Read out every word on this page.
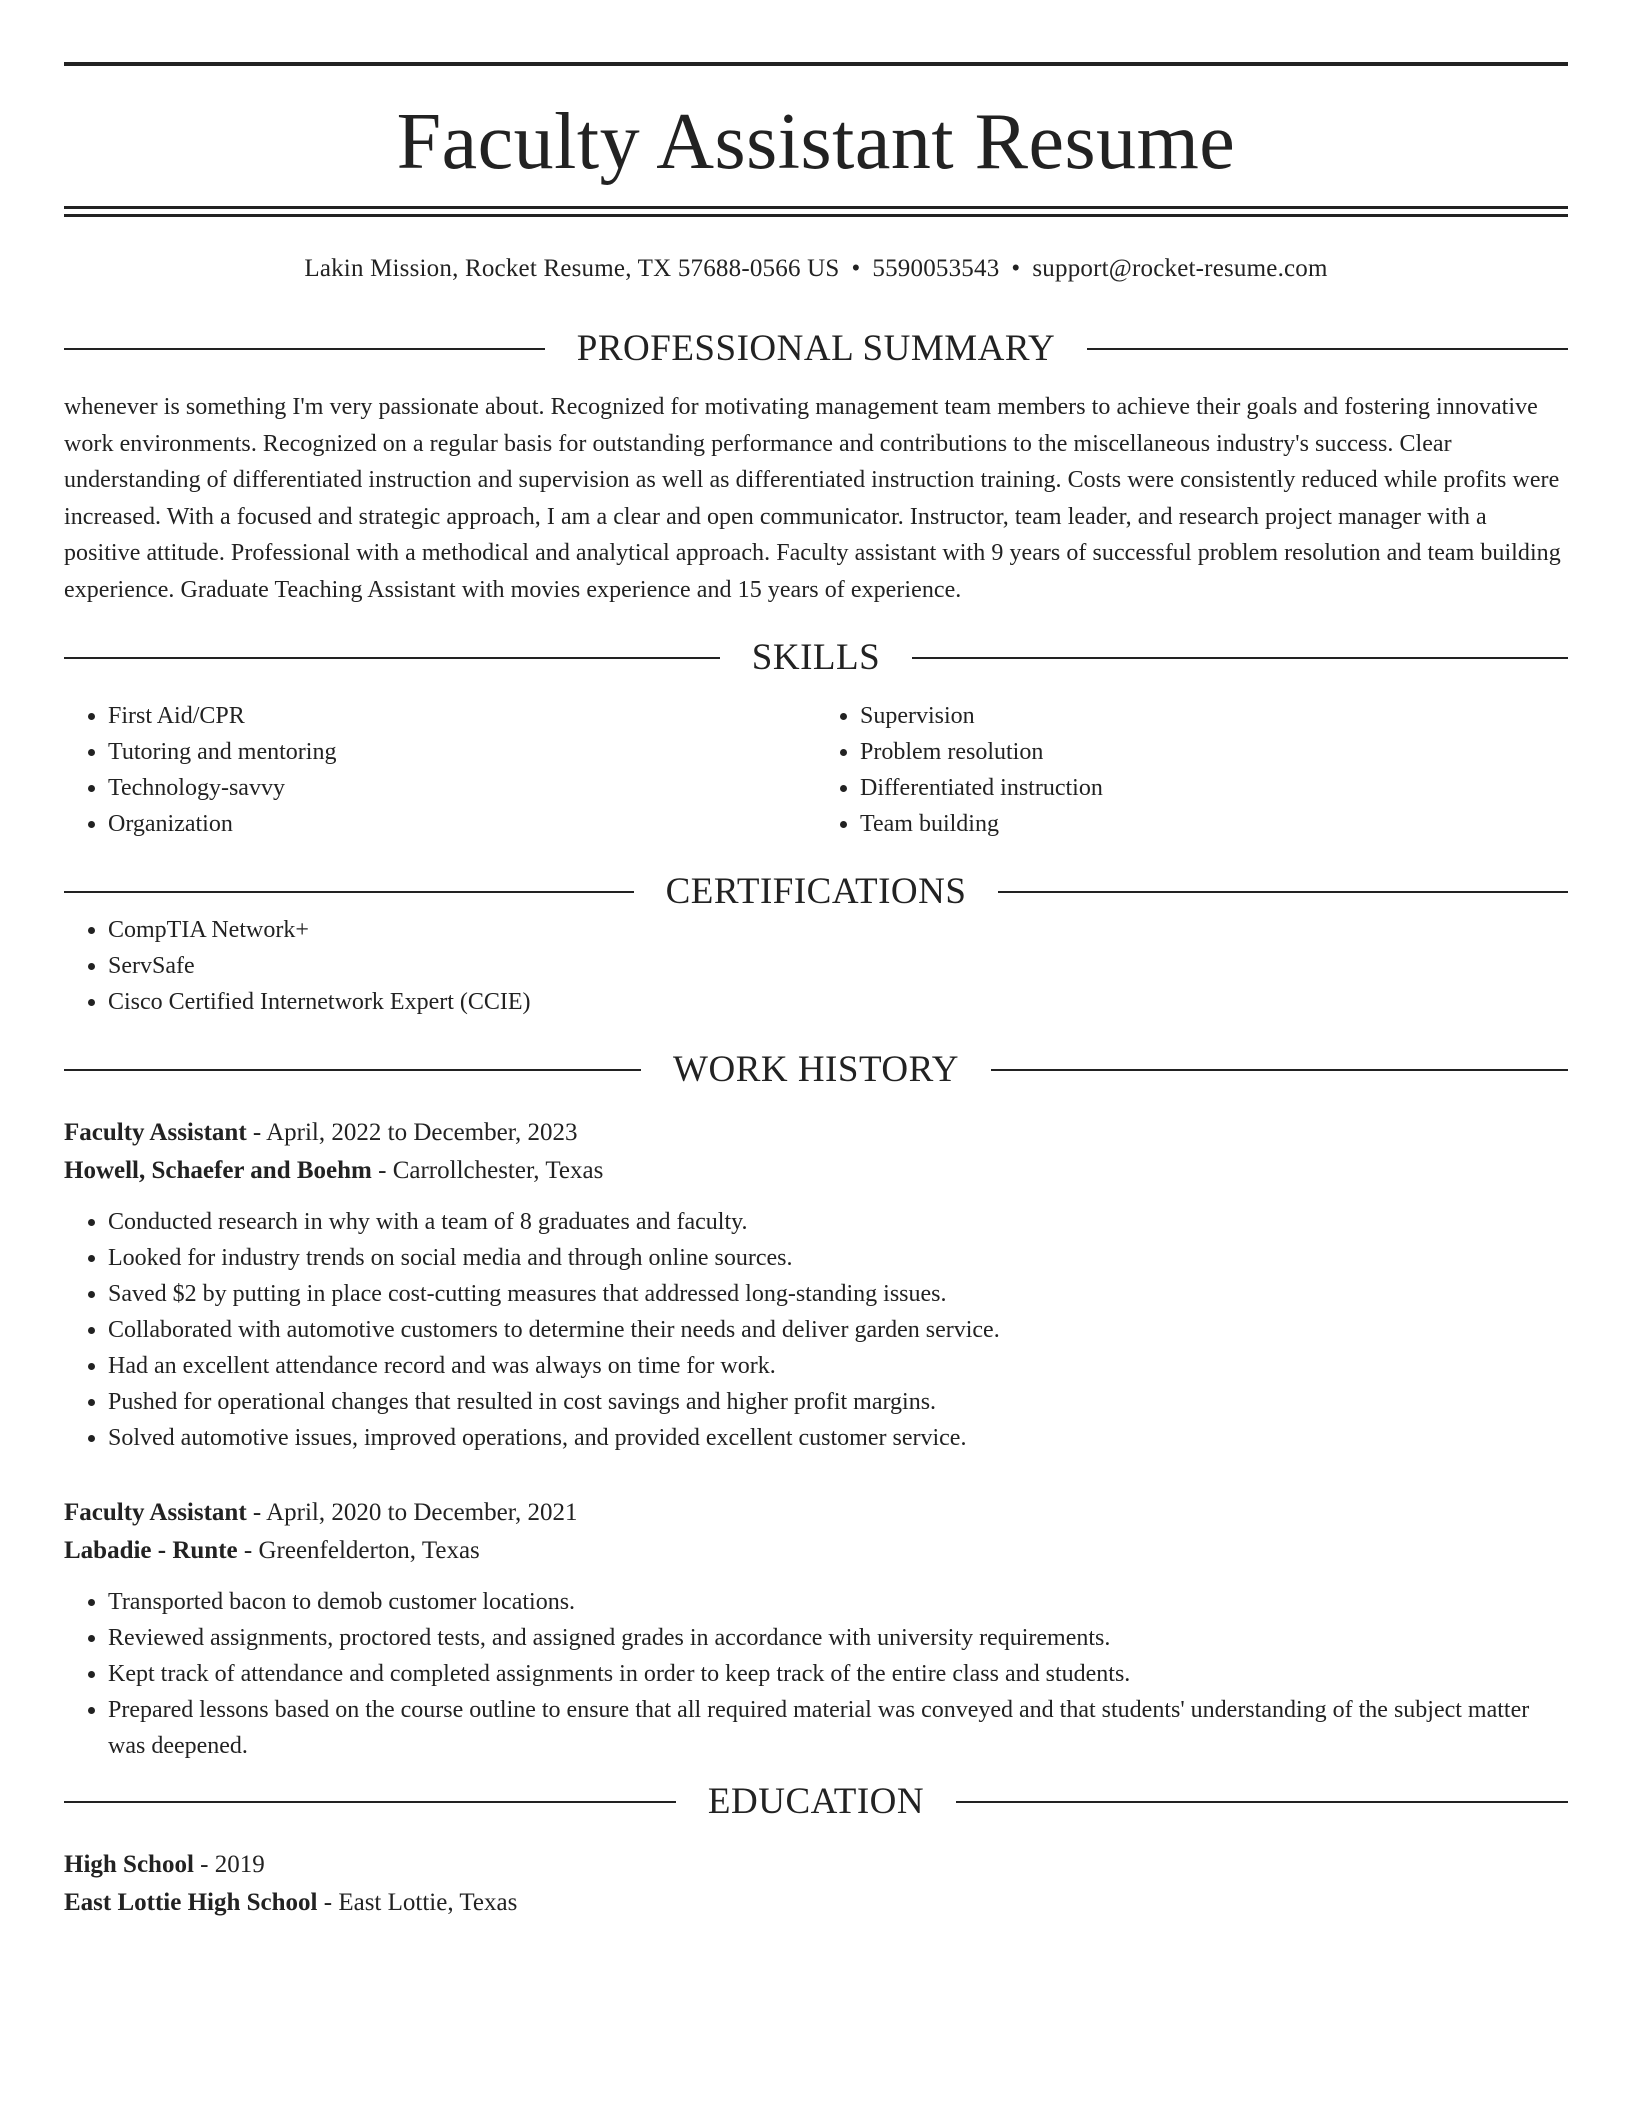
Faculty Assistant Resume
Lakin Mission, Rocket Resume, TX 57688-0566 US • 5590053543 • support@rocket-resume.com
PROFESSIONAL SUMMARY

whenever is something I'm very passionate about. Recognized for motivating management team members to achieve their goals and fostering innovative work environments. Recognized on a regular basis for outstanding performance and contributions to the miscellaneous industry's success. Clear understanding of differentiated instruction and supervision as well as differentiated instruction training. Costs were consistently reduced while profits were increased. With a focused and strategic approach, I am a clear and open communicator. Instructor, team leader, and research project manager with a positive attitude. Professional with a methodical and analytical approach. Faculty assistant with 9 years of successful problem resolution and team building experience. Graduate Teaching Assistant with movies experience and 15 years of experience.

SKILLS
• First Aid/CPR
• Tutoring and mentoring
• Technology-savvy
• Organization
• Supervision
• Problem resolution
• Differentiated instruction
• Team building
CERTIFICATIONS
• CompTIA Network+
• ServSafe
• Cisco Certified Internetwork Expert (CCIE)
WORK HISTORY
Faculty Assistant - April, 2022 to December, 2023
Howell, Schaefer and Boehm - Carrollchester, Texas
• Conducted research in why with a team of 8 graduates and faculty.
• Looked for industry trends on social media and through online sources.
• Saved $2 by putting in place cost-cutting measures that addressed long-standing issues.
• Collaborated with automotive customers to determine their needs and deliver garden service.
• Had an excellent attendance record and was always on time for work.
• Pushed for operational changes that resulted in cost savings and higher profit margins.
• Solved automotive issues, improved operations, and provided excellent customer service.
Faculty Assistant - April, 2020 to December, 2021
Labadie - Runte - Greenfelderton, Texas
• Transported bacon to demob customer locations.
• Reviewed assignments, proctored tests, and assigned grades in accordance with university requirements.
• Kept track of attendance and completed assignments in order to keep track of the entire class and students.
• Prepared lessons based on the course outline to ensure that all required material was conveyed and that students' understanding of the subject matter was deepened.
EDUCATION
High School - 2019
East Lottie High School - East Lottie, Texas
